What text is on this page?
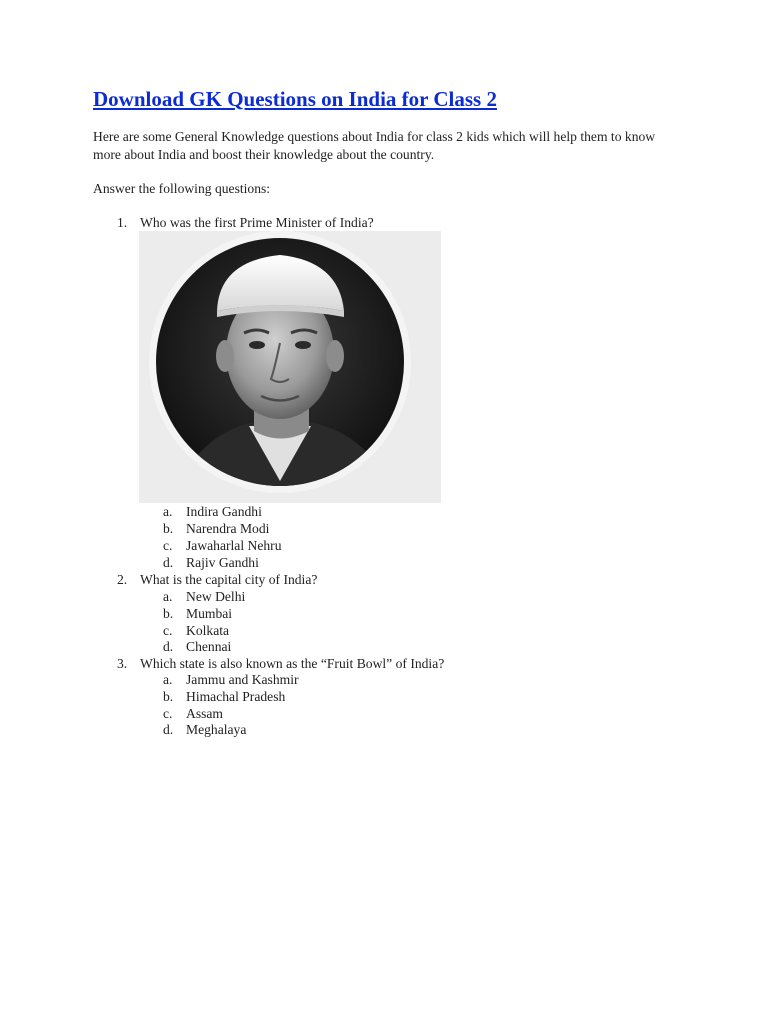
Download GK Questions on India for Class 2

Here are some General Knowledge questions about India for class 2 kids which will help them to know more about India and boost their knowledge about the country.

Answer the following questions:

1. Who was the first Prime Minister of India?
a. Indira Gandhi
b. Narendra Modi
c. Jawaharlal Nehru
d. Rajiv Gandhi
2. What is the capital city of India?
a. New Delhi
b. Mumbai
c. Kolkata
d. Chennai
3. Which state is also known as the “Fruit Bowl” of India?
a. Jammu and Kashmir
b. Himachal Pradesh
c. Assam
d. Meghalaya
